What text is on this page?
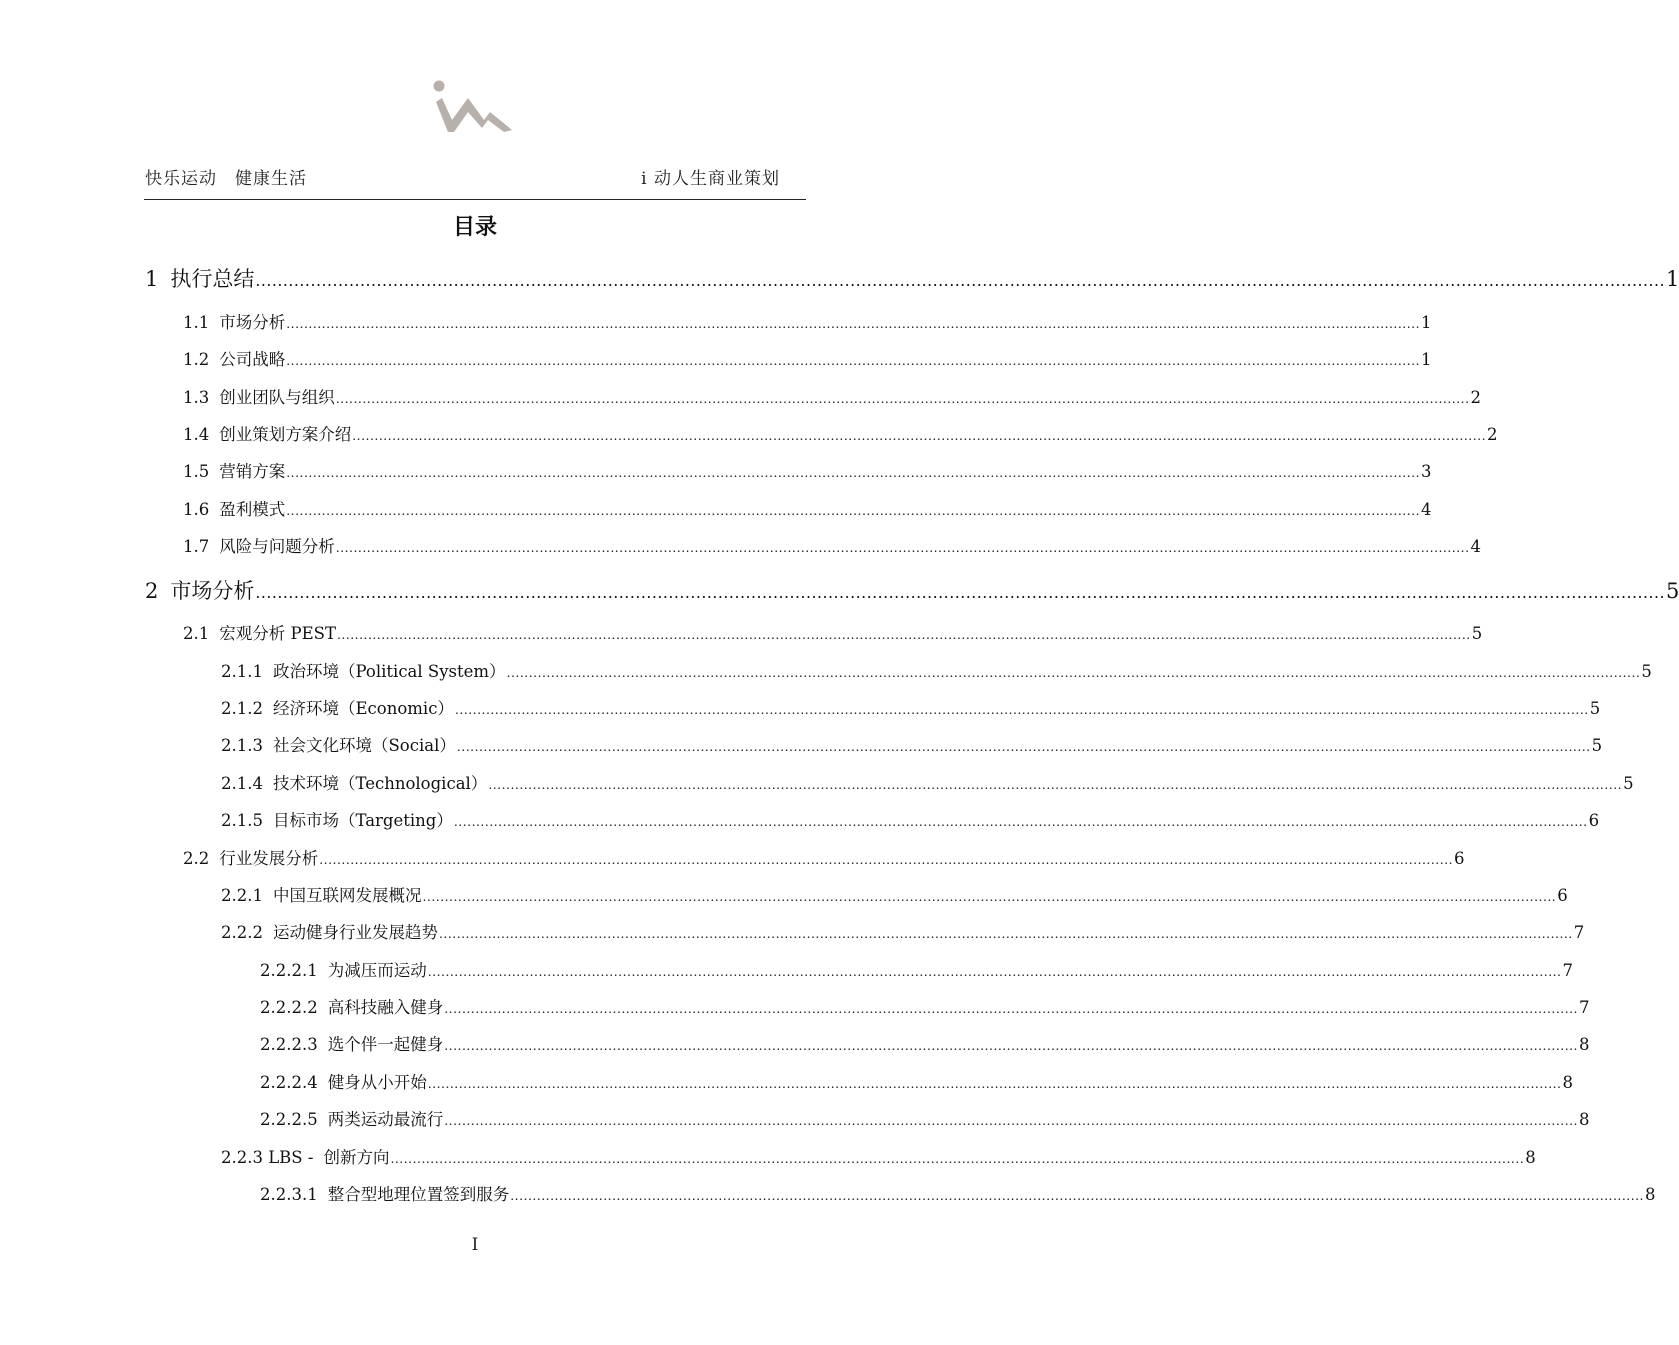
快乐运动　健康生活	i 动人生商业策划
目录
1 执行总结 ................................................................................................................................................................................................................................................................ 1
1.1 市场分析 ................................................................................................................................................................................................................................................................ 1
1.2 公司战略 ................................................................................................................................................................................................................................................................ 1
1.3 创业团队与组织 ................................................................................................................................................................................................................................................................ 2
1.4 创业策划方案介绍 ................................................................................................................................................................................................................................................................ 2
1.5 营销方案 ................................................................................................................................................................................................................................................................ 3
1.6 盈利模式 ................................................................................................................................................................................................................................................................ 4
1.7 风险与问题分析 ................................................................................................................................................................................................................................................................ 4
2 市场分析 ................................................................................................................................................................................................................................................................ 5
2.1 宏观分析 PEST ................................................................................................................................................................................................................................................................ 5
2.1.1 政治环境（Political System） ................................................................................................................................................................................................................................................................ 5
2.1.2 经济环境（Economic） ................................................................................................................................................................................................................................................................ 5
2.1.3 社会文化环境（Social） ................................................................................................................................................................................................................................................................ 5
2.1.4 技术环境（Technological） ................................................................................................................................................................................................................................................................ 5
2.1.5 目标市场（Targeting） ................................................................................................................................................................................................................................................................ 6
2.2 行业发展分析 ................................................................................................................................................................................................................................................................ 6
2.2.1 中国互联网发展概况 ................................................................................................................................................................................................................................................................ 6
2.2.2 运动健身行业发展趋势 ................................................................................................................................................................................................................................................................ 7
2.2.2.1 为减压而运动 ................................................................................................................................................................................................................................................................ 7
2.2.2.2 高科技融入健身 ................................................................................................................................................................................................................................................................ 7
2.2.2.3 选个伴一起健身 ................................................................................................................................................................................................................................................................ 8
2.2.2.4 健身从小开始 ................................................................................................................................................................................................................................................................ 8
2.2.2.5 两类运动最流行 ................................................................................................................................................................................................................................................................ 8
2.2.3 LBS - 创新方向 ................................................................................................................................................................................................................................................................ 8
2.2.3.1 整合型地理位置签到服务 ................................................................................................................................................................................................................................................................ 8
I
